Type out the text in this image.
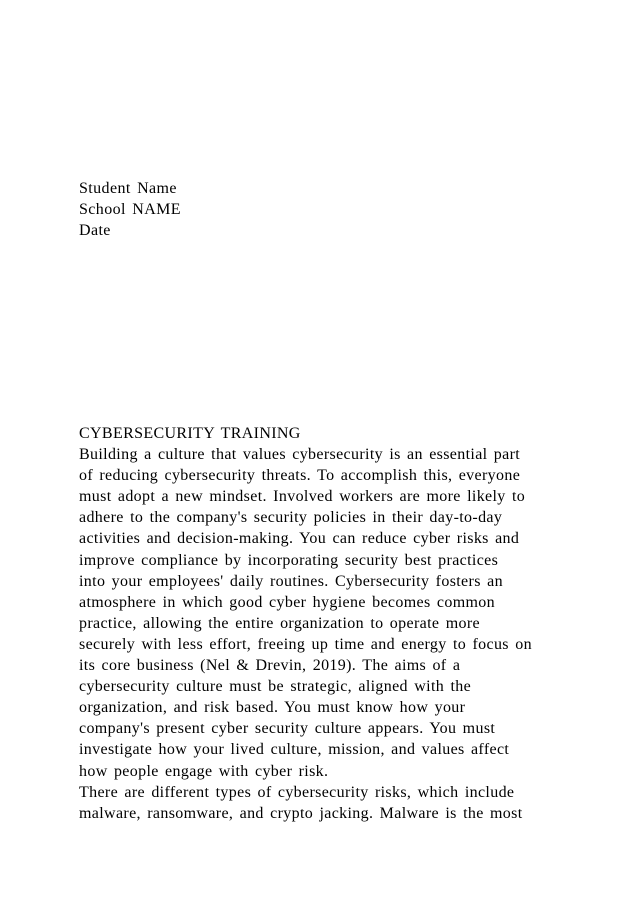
Student Name
School NAME
Date
CYBERSECURITY TRAINING
Building a culture that values cybersecurity is an essential part
of reducing cybersecurity threats. To accomplish this, everyone
must adopt a new mindset. Involved workers are more likely to
adhere to the company's security policies in their day-to-day
activities and decision-making. You can reduce cyber risks and
improve compliance by incorporating security best practices
into your employees' daily routines. Cybersecurity fosters an
atmosphere in which good cyber hygiene becomes common
practice, allowing the entire organization to operate more
securely with less effort, freeing up time and energy to focus on
its core business (Nel & Drevin, 2019). The aims of a
cybersecurity culture must be strategic, aligned with the
organization, and risk based. You must know how your
company's present cyber security culture appears. You must
investigate how your lived culture, mission, and values affect
how people engage with cyber risk.
There are different types of cybersecurity risks, which include
malware, ransomware, and crypto jacking. Malware is the most
